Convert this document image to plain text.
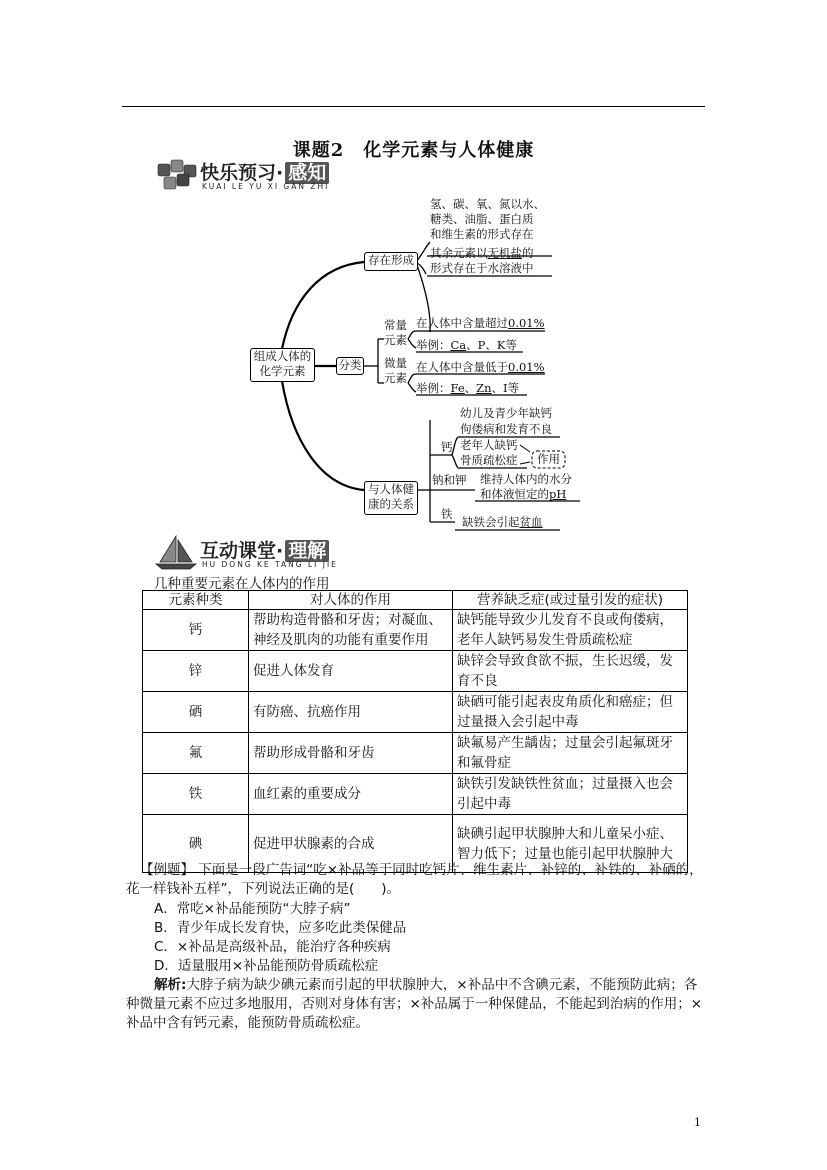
课题2　化学元素与人体健康
快乐预习· 感知
KUAI LE YU XI GAN ZHI
组成人体的
化学元素
存在形成
氢、碳、氧、氮以水、
糖类、油脂、蛋白质
和维生素的形式存在
其余元素以无机盐的
形式存在于水溶液中
分类
常量
元素
在人体中含量超过0.01%
举例：Ca、P、K等
微量
元素
在人体中含量低于0.01%
举例：Fe、Zn、I等
与人体健
康的关系
钙
幼儿及青少年缺钙
佝偻病和发育不良
老年人缺钙
骨质疏松症 作用
钠和钾 维持人体内的水分
和体液恒定的pH
铁
缺铁会引起贫血
互动课堂· 理解
HU DONG KE TANG LI JIE
几种重要元素在人体内的作用
元素种类	对人体的作用	营养缺乏症(或过量引发的症状)
钙	帮助构造骨骼和牙齿；对凝血、神经及肌肉的功能有重要作用	缺钙能导致少儿发育不良或佝偻病，老年人缺钙易发生骨质疏松症
锌	促进人体发育	缺锌会导致食欲不振，生长迟缓，发育不良
硒	有防癌、抗癌作用	缺硒可能引起表皮角质化和癌症；但过量摄入会引起中毒
氟	帮助形成骨骼和牙齿	缺氟易产生龋齿；过量会引起氟斑牙和氟骨症
铁	血红素的重要成分	缺铁引发缺铁性贫血；过量摄入也会引起中毒
碘	促进甲状腺素的合成	缺碘引起甲状腺肿大和儿童呆小症、智力低下；过量也能引起甲状腺肿大
【例题】 下面是一段广告词“吃×补品等于同时吃钙片、维生素片、补锌的、补铁的、补硒的，花一样钱补五样”，下列说法正确的是(　　)。
A．常吃×补品能预防“大脖子病”
B．青少年成长发育快，应多吃此类保健品
C．×补品是高级补品，能治疗各种疾病
D．适量服用×补品能预防骨质疏松症
解析:大脖子病为缺少碘元素而引起的甲状腺肿大，×补品中不含碘元素，不能预防此病；各种微量元素不应过多地服用，否则对身体有害；×补品属于一种保健品，不能起到治病的作用；×补品中含有钙元素，能预防骨质疏松症。
1
